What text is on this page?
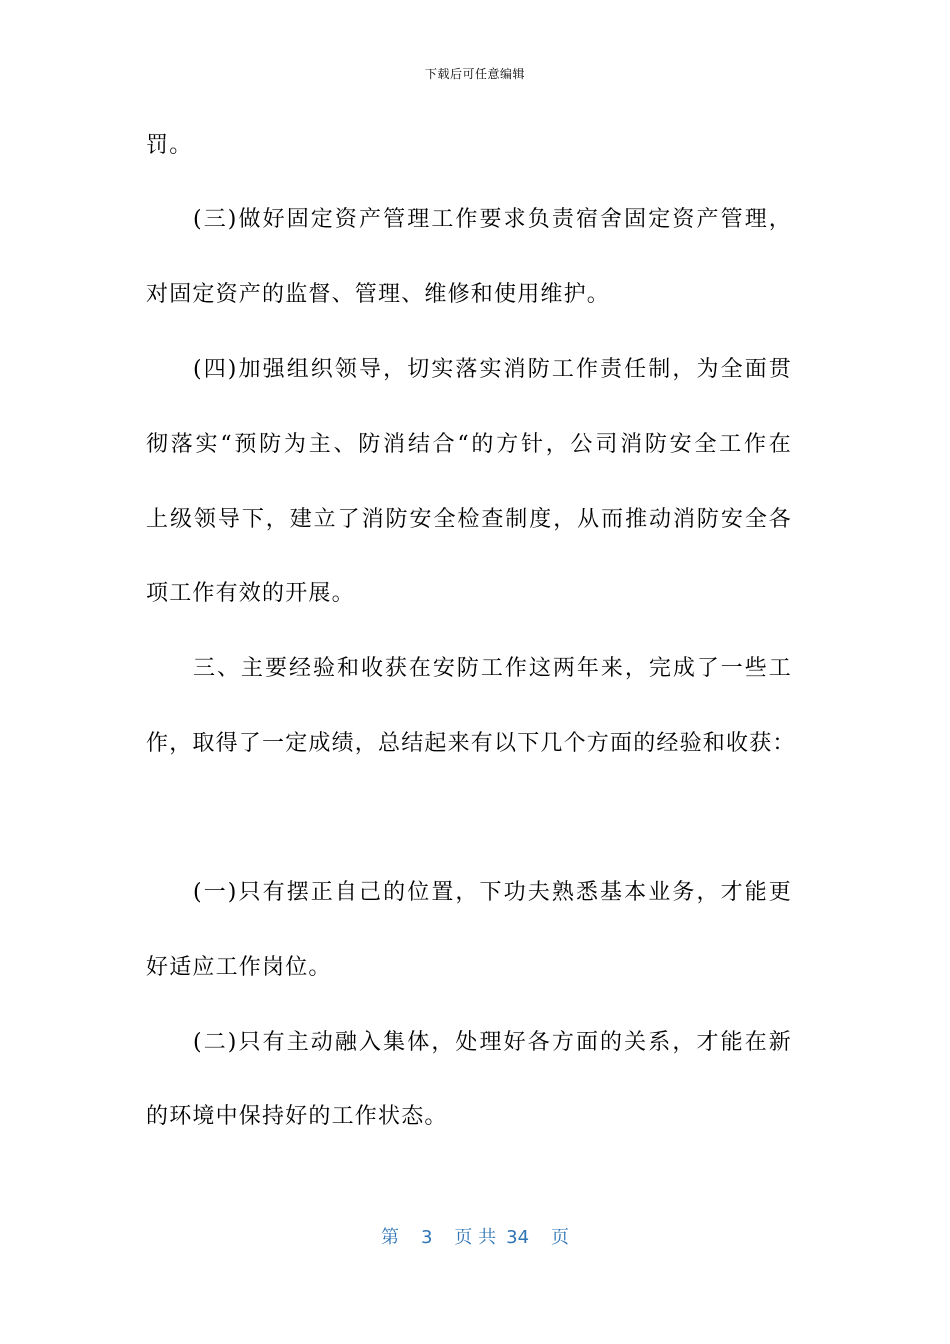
下载后可任意编辑
罚。
(三)做好固定资产管理工作要求负责宿舍固定资产管理，
对固定资产的监督、管理、维修和使用维护。
(四)加强组织领导，切实落实消防工作责任制，为全面贯
彻落实“预防为主、防消结合“的方针，公司消防安全工作在
上级领导下，建立了消防安全检查制度，从而推动消防安全各
项工作有效的开展。
三、主要经验和收获在安防工作这两年来，完成了一些工
作，取得了一定成绩，总结起来有以下几个方面的经验和收获：
(一)只有摆正自己的位置，下功夫熟悉基本业务，才能更
好适应工作岗位。
(二)只有主动融入集体，处理好各方面的关系，才能在新
的环境中保持好的工作状态。
第 3 页 共 34 页
